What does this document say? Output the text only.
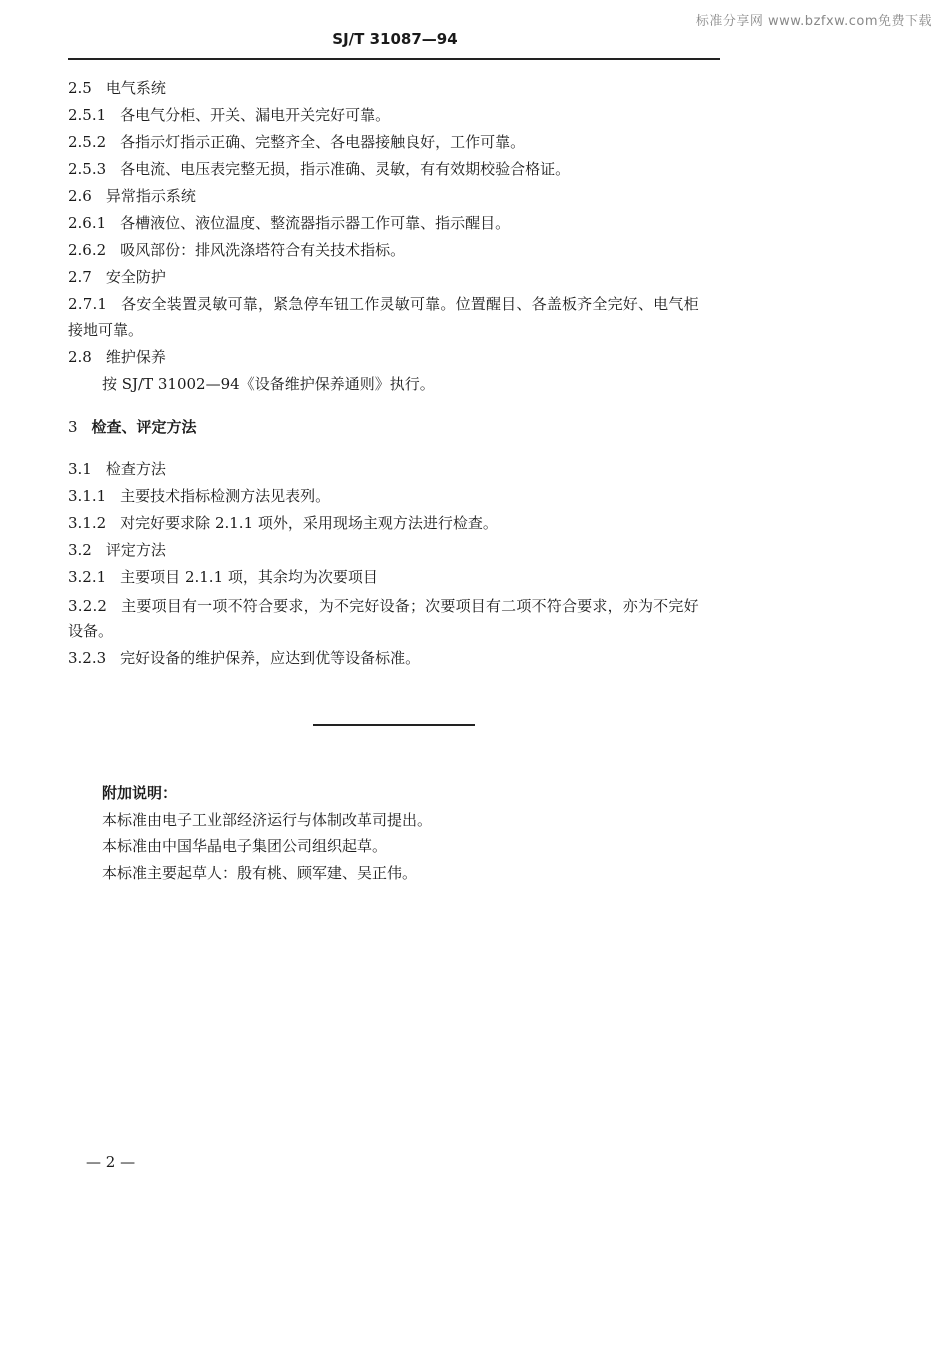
标准分享网 www.bzfxw.com免费下载
SJ/T 31087—94
2.5 电气系统
2.5.1 各电气分柜、开关、漏电开关完好可靠。
2.5.2 各指示灯指示正确、完整齐全、各电器接触良好，工作可靠。
2.5.3 各电流、电压表完整无损，指示准确、灵敏，有有效期校验合格证。
2.6 异常指示系统
2.6.1 各槽液位、液位温度、整流器指示器工作可靠、指示醒目。
2.6.2 吸风部份：排风洗涤塔符合有关技术指标。
2.7 安全防护
2.7.1 各安全装置灵敏可靠，紧急停车钮工作灵敏可靠。位置醒目、各盖板齐全完好、电气柜
接地可靠。
2.8 维护保养
按 SJ/T 31002—94《设备维护保养通则》执行。
3 检查、评定方法
3.1 检查方法
3.1.1 主要技术指标检测方法见表列。
3.1.2 对完好要求除 2.1.1 项外，采用现场主观方法进行检查。
3.2 评定方法
3.2.1 主要项目 2.1.1 项，其余均为次要项目
3.2.2 主要项目有一项不符合要求，为不完好设备；次要项目有二项不符合要求，亦为不完好
设备。
3.2.3 完好设备的维护保养，应达到优等设备标准。
附加说明：
本标准由电子工业部经济运行与体制改革司提出。
本标准由中国华晶电子集团公司组织起草。
本标准主要起草人：殷有桃、顾军建、吴正伟。
— 2 —
